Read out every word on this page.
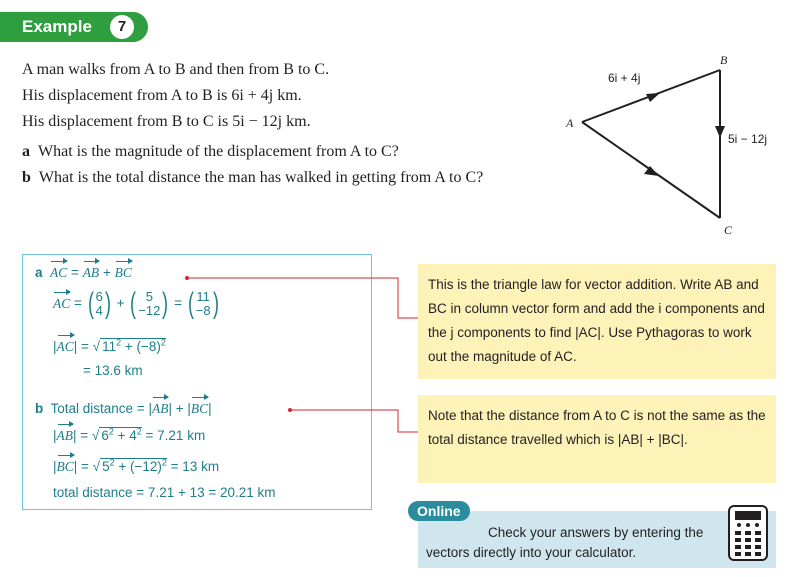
Example	7
A man walks from A to B and then from B to C.
His displacement from A to B is 6i + 4j km.
His displacement from B to C is 5i − 12j km.
a What is the magnitude of the displacement from A to C?
b What is the total distance the man has walked in getting from A to C?
A
B
C
6i + 4j
5i − 12j
a AC = AB + BC
AC = ( 6
4 ) + ( 5
−12 ) = ( 11
−8 )
|AC| = √ $11^2 + (-8)^2$
= 13.6 km
b  Total distance = |AB| + |BC|
|AB| = √ $6^2 + 4^2 = 7.21$ km
|BC| = √ $5^2 + (-12)^2 = 13$ km
total distance = 7.21 + 13 = 20.21 km
This is the triangle law for vector addition. Write AB and BC in column vector form and add the i components and the j components to find |AC|. Use Pythagoras to work out the magnitude of AC.
Note that the distance from A to C is not the same as the total distance travelled which is |AB| + |BC|.
Online
Check your answers by entering the vectors directly into your calculator.
